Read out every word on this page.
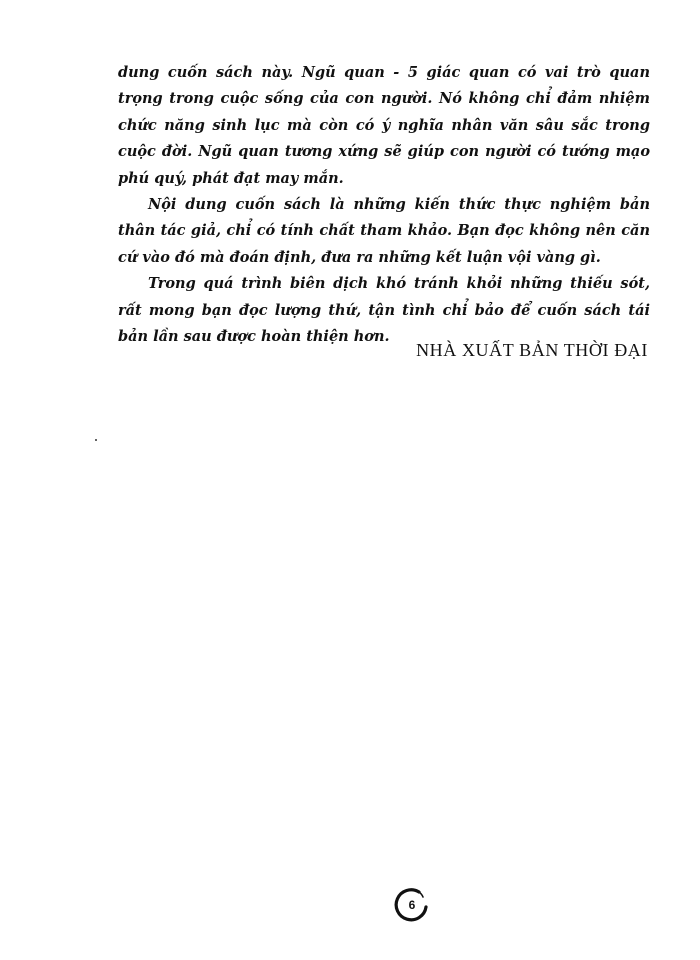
dung cuốn sách này. Ngũ quan - 5 giác quan có vai trò quan trọng trong cuộc sống của con người. Nó không chỉ đảm nhiệm chức năng sinh lục mà còn có ý nghĩa nhân văn sâu sắc trong cuộc đời. Ngũ quan tương xứng sẽ giúp con người có tướng mạo phú quý, phát đạt may mắn.

Nội dung cuốn sách là những kiến thức thực nghiệm bản thân tác giả, chỉ có tính chất tham khảo. Bạn đọc không nên căn cứ vào đó mà đoán định, đưa ra những kết luận vội vàng gì.

Trong quá trình biên dịch khó tránh khỏi những thiếu sót, rất mong bạn đọc lượng thứ, tận tình chỉ bảo để cuốn sách tái bản lần sau được hoàn thiện hơn.

NHÀ XUẤT BẢN THỜI ĐẠI
6
